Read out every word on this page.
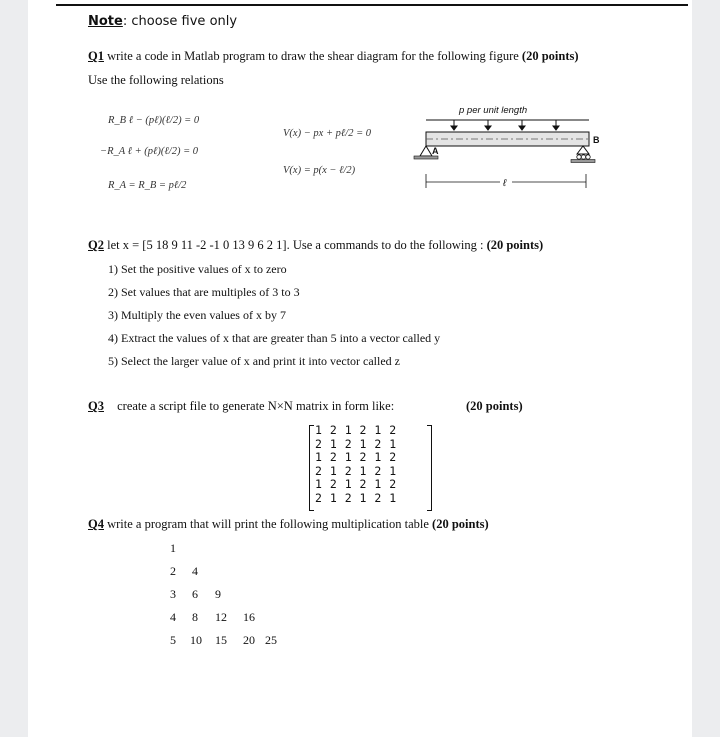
Note: choose five only
Q1 write a code in Matlab program to draw the shear diagram for the following figure (20 points)
Use the following relations
R_B ℓ − (pℓ)(ℓ/2) = 0
−R_A ℓ + (pℓ)(ℓ/2) = 0
R_A = R_B = pℓ/2
V(x) − px + pℓ/2 = 0
V(x) = p(x − ℓ/2)
p per unit length
B
A
ℓ
Q2 let x = [5 18 9 11 -2 -1 0 13 9 6 2 1]. Use a commands to do the following : (20 points)
1) Set the positive values of x to zero
2) Set values that are multiples of 3 to 3
3) Multiply the even values of x by 7
4) Extract the values of x that are greater than 5 into a vector called y
5) Select the larger value of x and print it into vector called z
Q3 create a script file to generate N×N matrix in form like:	(20 points)
1 2 1 2 1 2
2 1 2 1 2 1
1 2 1 2 1 2
2 1 2 1 2 1
1 2 1 2 1 2
2 1 2 1 2 1
Q4 write a program that will print the following multiplication table (20 points)
1
2 4
3 6 9
4 8 12 16
5 10 15 20 25
